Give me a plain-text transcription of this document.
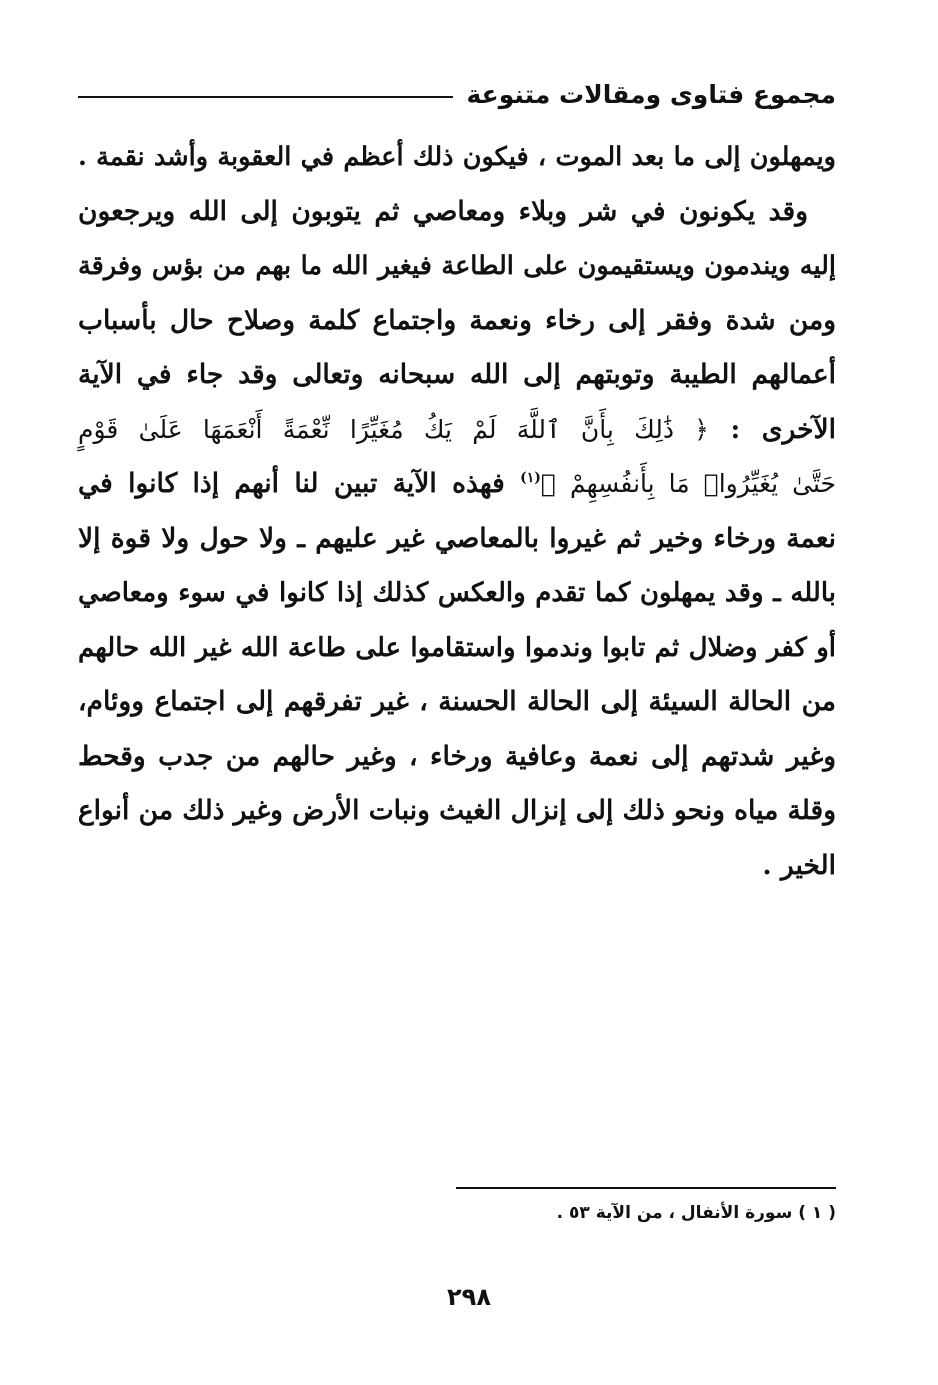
مجموع فتاوى ومقالات متنوعة
ويمهلون إلى ما بعد الموت ، فيكون ذلك أعظم في العقوبة وأشد نقمة .
وقد يكونون في شر وبلاء ومعاصي ثم يتوبون إلى الله ويرجعون
إليه ويندمون ويستقيمون على الطاعة فيغير الله ما بهم من بؤس وفرقة
ومن شدة وفقر إلى رخاء ونعمة واجتماع كلمة وصلاح حال بأسباب
أعمالهم الطيبة وتوبتهم إلى الله سبحانه وتعالى وقد جاء في الآية
الآخرى : ﴿ ذَٰلِكَ بِأَنَّ ٱللَّهَ لَمْ يَكُ مُغَيِّرًا نِّعْمَةً أَنْعَمَهَا عَلَىٰ قَوْمٍ
حَتَّىٰ يُغَيِّرُوا۟ مَا بِأَنفُسِهِمْ ﴾$^{(١)}$ فهذه الآية تبين لنا أنهم إذا كانوا في
نعمة ورخاء وخير ثم غيروا بالمعاصي غير عليهم ـ ولا حول ولا قوة إلا
بالله ـ وقد يمهلون كما تقدم والعكس كذلك إذا كانوا في سوء ومعاصي
أو كفر وضلال ثم تابوا وندموا واستقاموا على طاعة الله غير الله حالهم
من الحالة السيئة إلى الحالة الحسنة ، غير تفرقهم إلى اجتماع ووئام،
وغير شدتهم إلى نعمة وعافية ورخاء ، وغير حالهم من جدب وقحط
وقلة مياه ونحو ذلك إلى إنزال الغيث ونبات الأرض وغير ذلك من أنواع
الخير .
( ١ ) سورة الأنفال ، من الآية ٥٣ .
٢٩٨
